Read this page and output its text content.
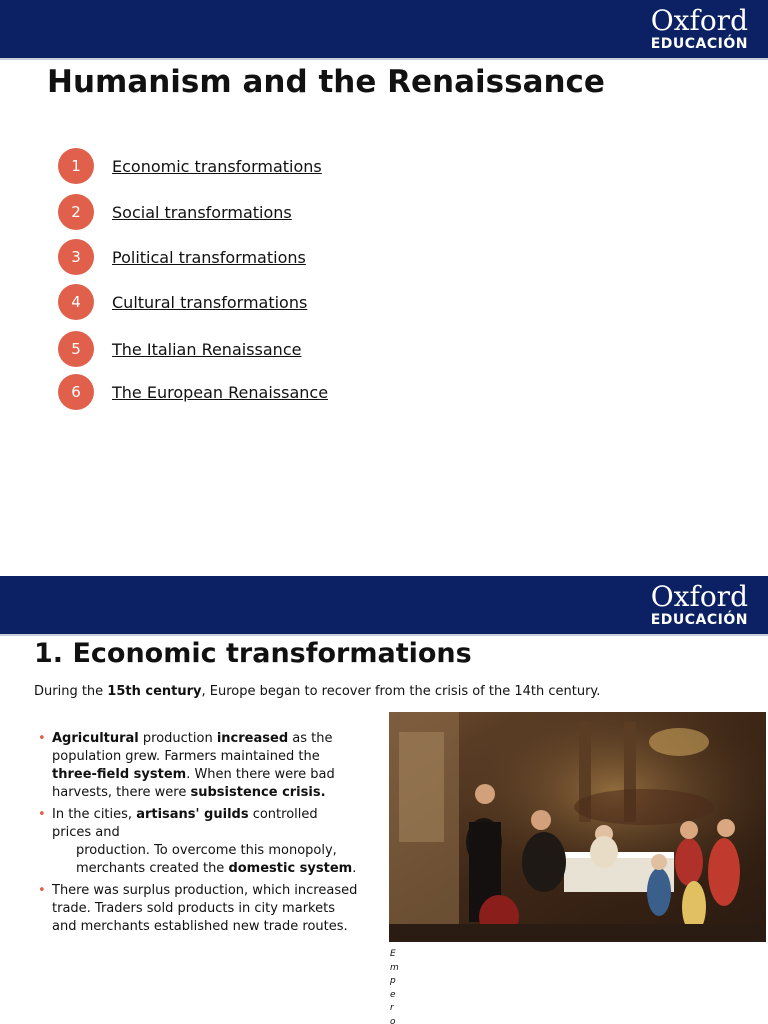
Oxford
EDUCACIÓN
Humanism and the Renaissance
1	Economic transformations
2	Social transformations
3	Political transformations
4	Cultural transformations
5	The Italian Renaissance
6	The European Renaissance
Oxford
EDUCACIÓN
1. Economic transformations
During the 15th century, Europe began to recover from the crisis of the 14th century.
• Agricultural production increased as the population grew. Farmers maintained the three-field system. When there were bad harvests, there were subsistence crisis.
• In the cities, artisans' guilds controlled prices and
production. To overcome this monopoly, merchants created the domestic system.
• There was surplus production, which increased trade. Traders sold products in city markets and merchants established new trade routes.
E
m
p
e
r
o
